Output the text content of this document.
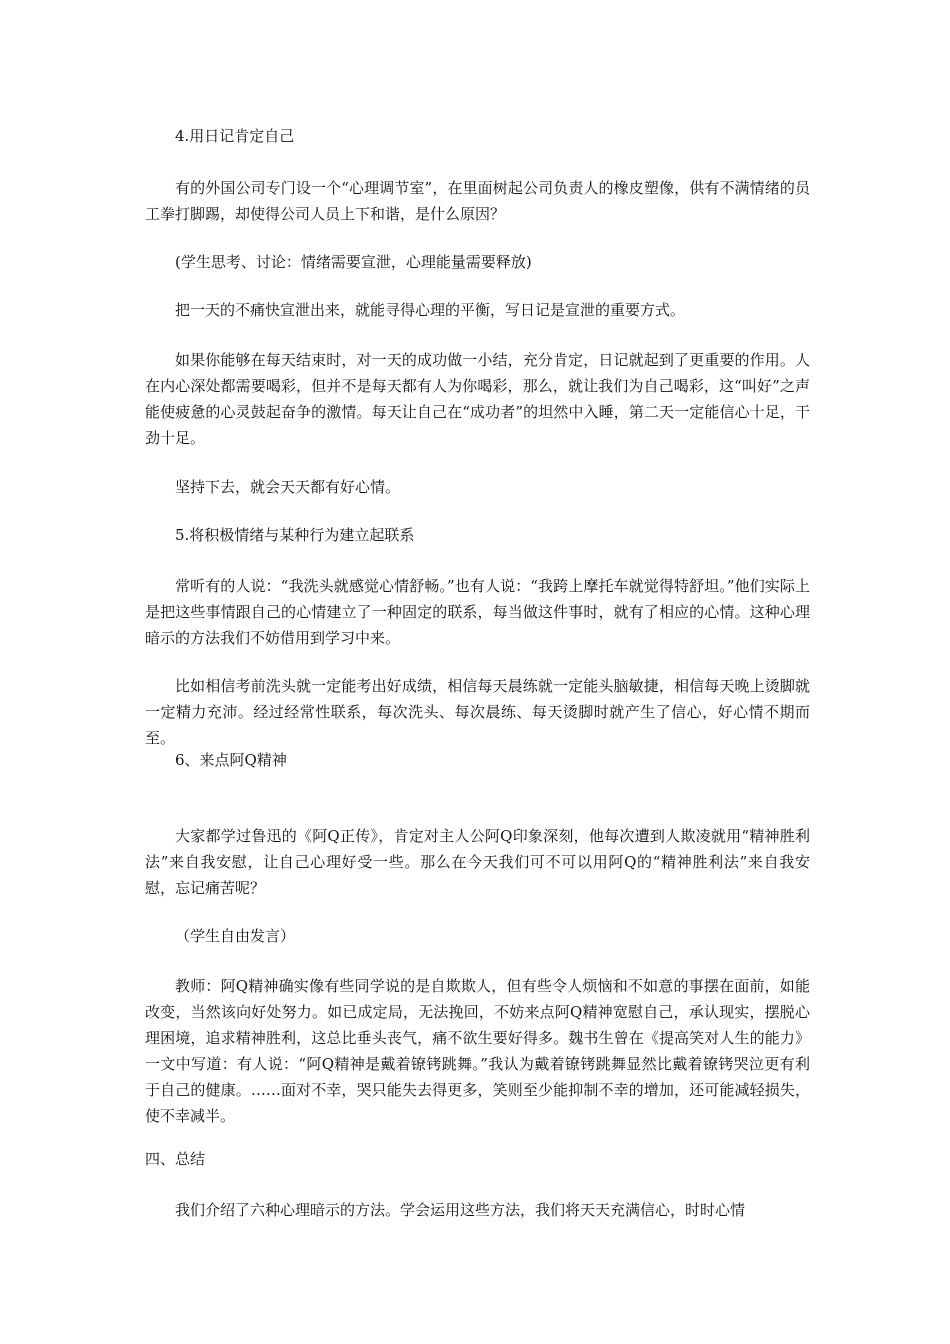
4.用日记肯定自己

有的外国公司专门设一个“心理调节室”，在里面树起公司负责人的橡皮塑像，供有不满情绪的员工拳打脚踢，却使得公司人员上下和谐，是什么原因？

(学生思考、讨论：情绪需要宣泄，心理能量需要释放)

把一天的不痛快宣泄出来，就能寻得心理的平衡，写日记是宣泄的重要方式。

如果你能够在每天结束时，对一天的成功做一小结，充分肯定，日记就起到了更重要的作用。人在内心深处都需要喝彩，但并不是每天都有人为你喝彩，那么，就让我们为自己喝彩，这“叫好”之声能使疲惫的心灵鼓起奋争的激情。每天让自己在“成功者”的坦然中入睡，第二天一定能信心十足，干劲十足。

坚持下去，就会天天都有好心情。

5.将积极情绪与某种行为建立起联系

常听有的人说：“我洗头就感觉心情舒畅。”也有人说：“我跨上摩托车就觉得特舒坦。”他们实际上是把这些事情跟自己的心情建立了一种固定的联系，每当做这件事时，就有了相应的心情。这种心理暗示的方法我们不妨借用到学习中来。

比如相信考前洗头就一定能考出好成绩，相信每天晨练就一定能头脑敏捷，相信每天晚上烫脚就一定精力充沛。经过经常性联系，每次洗头、每次晨练、每天烫脚时就产生了信心，好心情不期而至。

6、来点阿Q精神

大家都学过鲁迅的《阿Q正传》，肯定对主人公阿Q印象深刻，他每次遭到人欺凌就用“精神胜利法”来自我安慰，让自己心理好受一些。那么在今天我们可不可以用阿Q的“精神胜利法”来自我安慰，忘记痛苦呢？

（学生自由发言）

教师：阿Q精神确实像有些同学说的是自欺欺人，但有些令人烦恼和不如意的事摆在面前，如能改变，当然该向好处努力。如已成定局，无法挽回，不妨来点阿Q精神宽慰自己，承认现实，摆脱心理困境，追求精神胜利，这总比垂头丧气，痛不欲生要好得多。魏书生曾在《提高笑对人生的能力》一文中写道：有人说：“阿Q精神是戴着镣铐跳舞。”我认为戴着镣铐跳舞显然比戴着镣铐哭泣更有利于自己的健康。……面对不幸，哭只能失去得更多，笑则至少能抑制不幸的增加，还可能减轻损失，使不幸减半。

四、总结

我们介绍了六种心理暗示的方法。学会运用这些方法，我们将天天充满信心，时时心情
